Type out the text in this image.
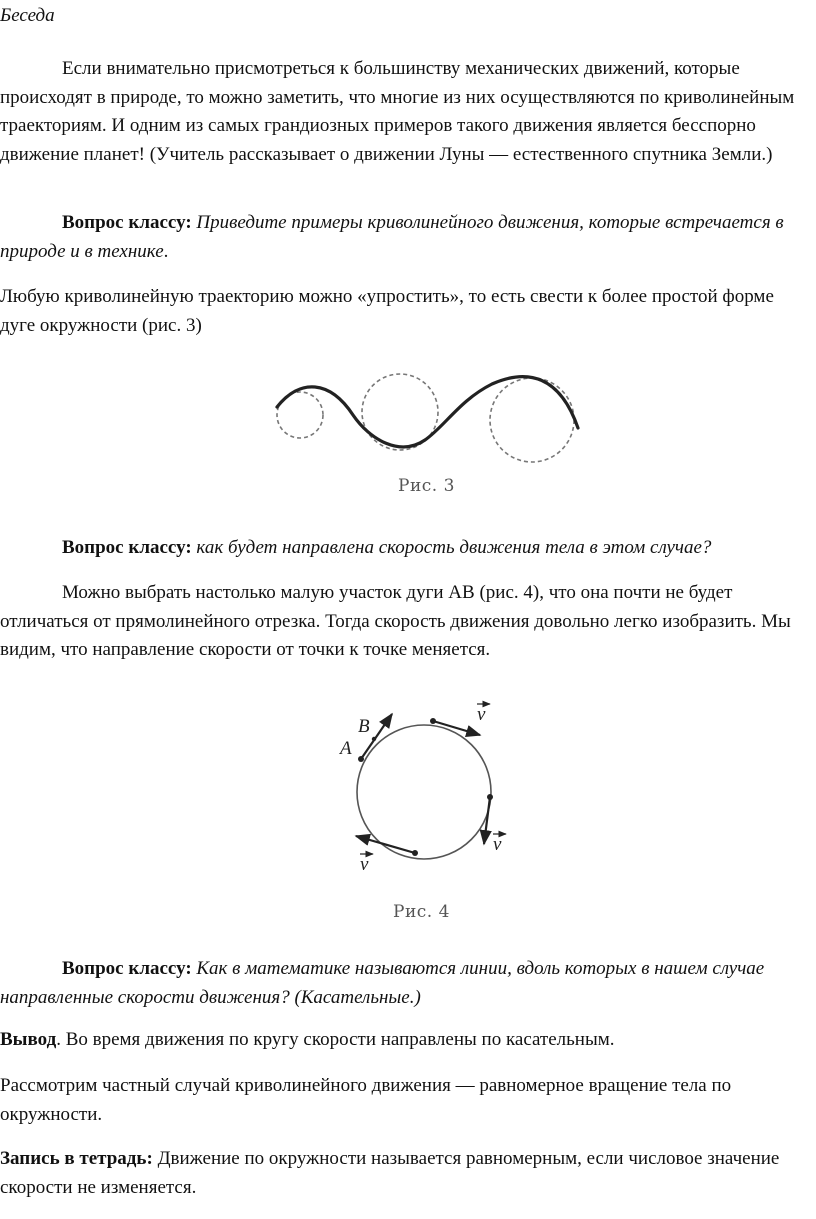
Беседа

Если внимательно присмотреться к большинству механических движений, которые происходят в природе, то можно заметить, что многие из них осуществляются по криволинейным траекториям. И одним из самых грандиозных примеров такого движения является бесспорно движение планет! (Учитель рассказывает о движении Луны — естественного спутника Земли.)

Вопрос классу: Приведите примеры криволинейного движения, которые встречается в природе и в технике.

Любую криволинейную траекторию можно «упростить», то есть свести к более простой форме дуге окружности (рис. 3)

Рис. 3

Вопрос классу: как будет направлена скорость движения тела в этом случае?

Можно выбрать настолько малую участок дуги АВ (рис. 4), что она почти не будет отличаться от прямолинейного отрезка. Тогда скорость движения довольно легко изобразить. Мы видим, что направление скорости от точки к точке меняется.

A
B
v
v
v
Рис. 4

Вопрос классу: Как в математике называются линии, вдоль которых в нашем случае направленные скорости движения? (Касательные.)

Вывод. Во время движения по кругу скорости направлены по касательным.

Рассмотрим частный случай криволинейного движения — равномерное вращение тела по окружности.

Запись в тетрадь: Движение по окружности называется равномерным, если числовое значение скорости не изменяется.
